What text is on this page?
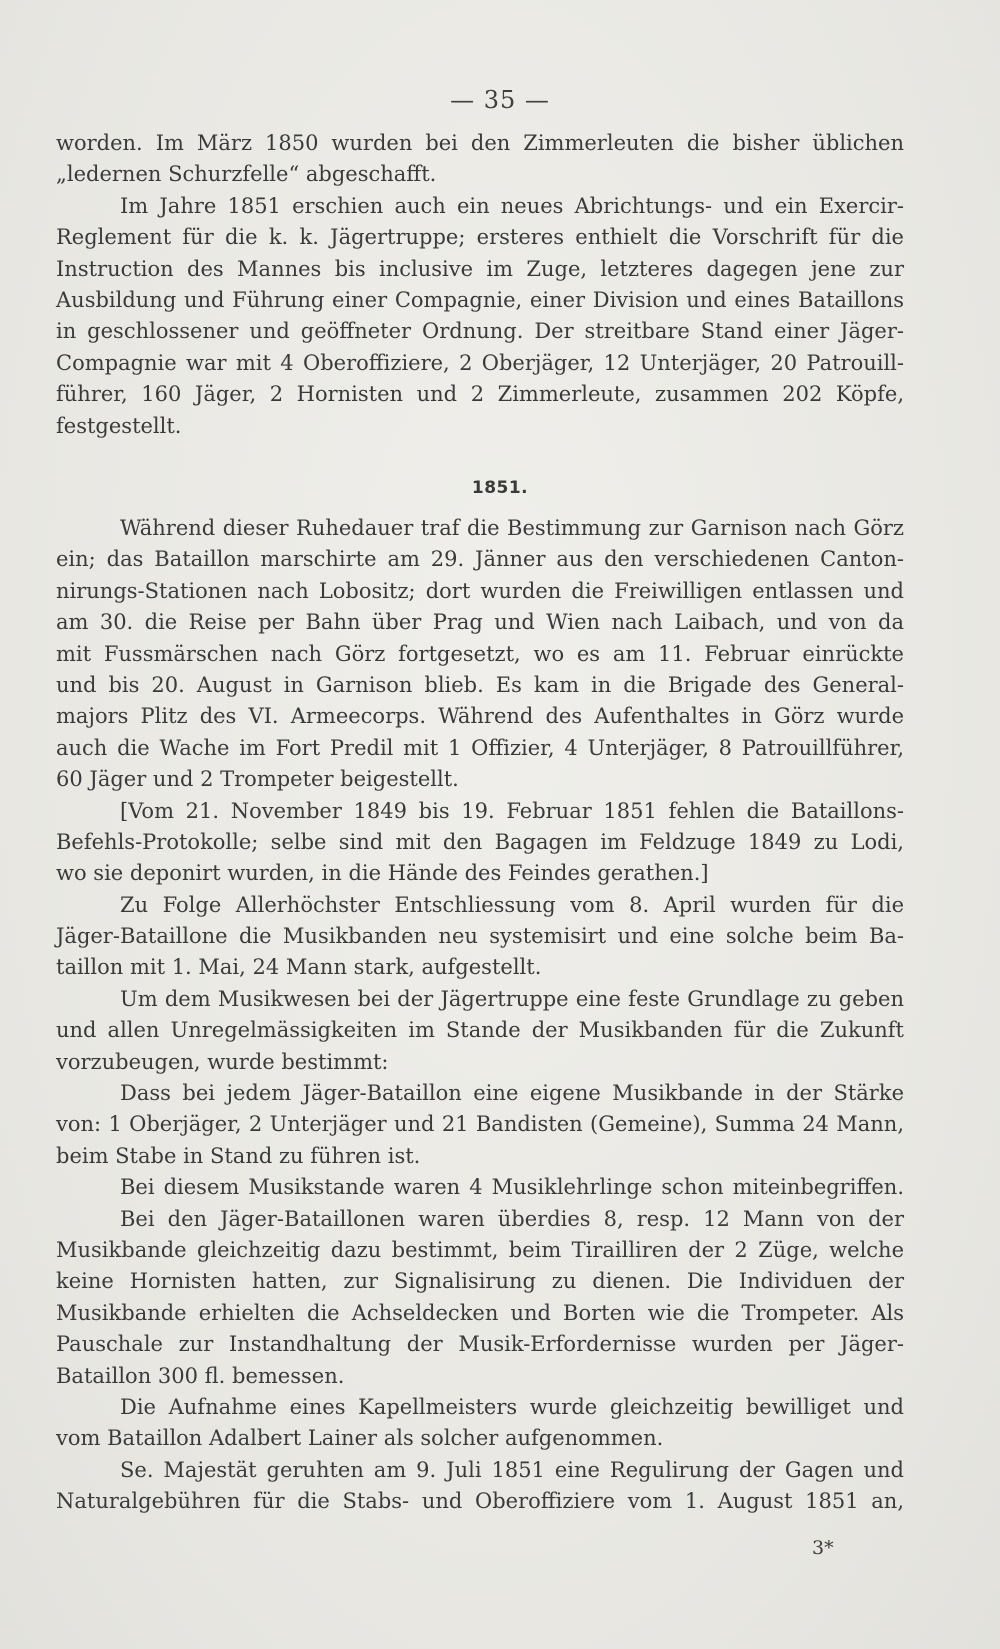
— 35 —
worden. Im März 1850 wurden bei den Zimmerleuten die bisher üblichen
„ledernen Schurzfelle“ abgeschafft.
Im Jahre 1851 erschien auch ein neues Abrichtungs- und ein Exercir-
Reglement für die k. k. Jägertruppe; ersteres enthielt die Vorschrift für die
Instruction des Mannes bis inclusive im Zuge, letzteres dagegen jene zur
Ausbildung und Führung einer Compagnie, einer Division und eines Bataillons
in geschlossener und geöffneter Ordnung. Der streitbare Stand einer Jäger-
Compagnie war mit 4 Oberoffiziere, 2 Oberjäger, 12 Unterjäger, 20 Patrouill-
führer, 160 Jäger, 2 Hornisten und 2 Zimmerleute, zusammen 202 Köpfe,
festgestellt.
1851.
Während dieser Ruhedauer traf die Bestimmung zur Garnison nach Görz
ein; das Bataillon marschirte am 29. Jänner aus den verschiedenen Canton-
nirungs-Stationen nach Lobositz; dort wurden die Freiwilligen entlassen und
am 30. die Reise per Bahn über Prag und Wien nach Laibach, und von da
mit Fussmärschen nach Görz fortgesetzt, wo es am 11. Februar einrückte
und bis 20. August in Garnison blieb. Es kam in die Brigade des General-
majors Plitz des VI. Armeecorps. Während des Aufenthaltes in Görz wurde
auch die Wache im Fort Predil mit 1 Offizier, 4 Unterjäger, 8 Patrouillführer,
60 Jäger und 2 Trompeter beigestellt.
[Vom 21. November 1849 bis 19. Februar 1851 fehlen die Bataillons-
Befehls-Protokolle; selbe sind mit den Bagagen im Feldzuge 1849 zu Lodi,
wo sie deponirt wurden, in die Hände des Feindes gerathen.]
Zu Folge Allerhöchster Entschliessung vom 8. April wurden für die
Jäger-Bataillone die Musikbanden neu systemisirt und eine solche beim Ba-
taillon mit 1. Mai, 24 Mann stark, aufgestellt.
Um dem Musikwesen bei der Jägertruppe eine feste Grundlage zu geben
und allen Unregelmässigkeiten im Stande der Musikbanden für die Zukunft
vorzubeugen, wurde bestimmt:
Dass bei jedem Jäger-Bataillon eine eigene Musikbande in der Stärke
von: 1 Oberjäger, 2 Unterjäger und 21 Bandisten (Gemeine), Summa 24 Mann,
beim Stabe in Stand zu führen ist.
Bei diesem Musikstande waren 4 Musiklehrlinge schon miteinbegriffen.
Bei den Jäger-Bataillonen waren überdies 8, resp. 12 Mann von der
Musikbande gleichzeitig dazu bestimmt, beim Tirailliren der 2 Züge, welche
keine Hornisten hatten, zur Signalisirung zu dienen. Die Individuen der
Musikbande erhielten die Achseldecken und Borten wie die Trompeter. Als
Pauschale zur Instandhaltung der Musik-Erfordernisse wurden per Jäger-
Bataillon 300 fl. bemessen.
Die Aufnahme eines Kapellmeisters wurde gleichzeitig bewilliget und
vom Bataillon Adalbert Lainer als solcher aufgenommen.
Se. Majestät geruhten am 9. Juli 1851 eine Regulirung der Gagen und
Naturalgebühren für die Stabs- und Oberoffiziere vom 1. August 1851 an,
3*
